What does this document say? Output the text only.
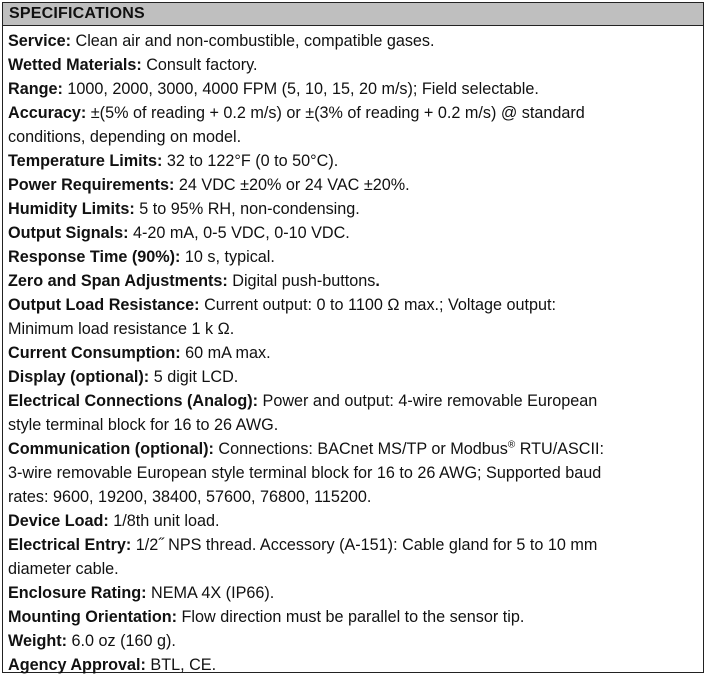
SPECIFICATIONS
Service: Clean air and non-combustible, compatible gases.
Wetted Materials: Consult factory.
Range: 1000, 2000, 3000, 4000 FPM (5, 10, 15, 20 m/s); Field selectable.
Accuracy: ±(5% of reading + 0.2 m/s) or ±(3% of reading + 0.2 m/s) @ standard
conditions, depending on model.
Temperature Limits: 32 to 122°F (0 to 50°C).
Power Requirements: 24 VDC ±20% or 24 VAC ±20%.
Humidity Limits: 5 to 95% RH, non-condensing.
Output Signals: 4-20 mA, 0-5 VDC, 0-10 VDC.
Response Time (90%): 10 s, typical.
Zero and Span Adjustments: Digital push-buttons.
Output Load Resistance: Current output: 0 to 1100 Ω max.; Voltage output:
Minimum load resistance 1 k Ω.
Current Consumption: 60 mA max.
Display (optional): 5 digit LCD.
Electrical Connections (Analog): Power and output: 4-wire removable European
style terminal block for 16 to 26 AWG.
Communication (optional): Connections: BACnet MS/TP or Modbus® RTU/ASCII:
3-wire removable European style terminal block for 16 to 26 AWG; Supported baud
rates: 9600, 19200, 38400, 57600, 76800, 115200.
Device Load: 1/8th unit load.
Electrical Entry: 1/2˝ NPS thread. Accessory (A-151): Cable gland for 5 to 10 mm
diameter cable.
Enclosure Rating: NEMA 4X (IP66).
Mounting Orientation: Flow direction must be parallel to the sensor tip.
Weight: 6.0 oz (160 g).
Agency Approval: BTL, CE.
